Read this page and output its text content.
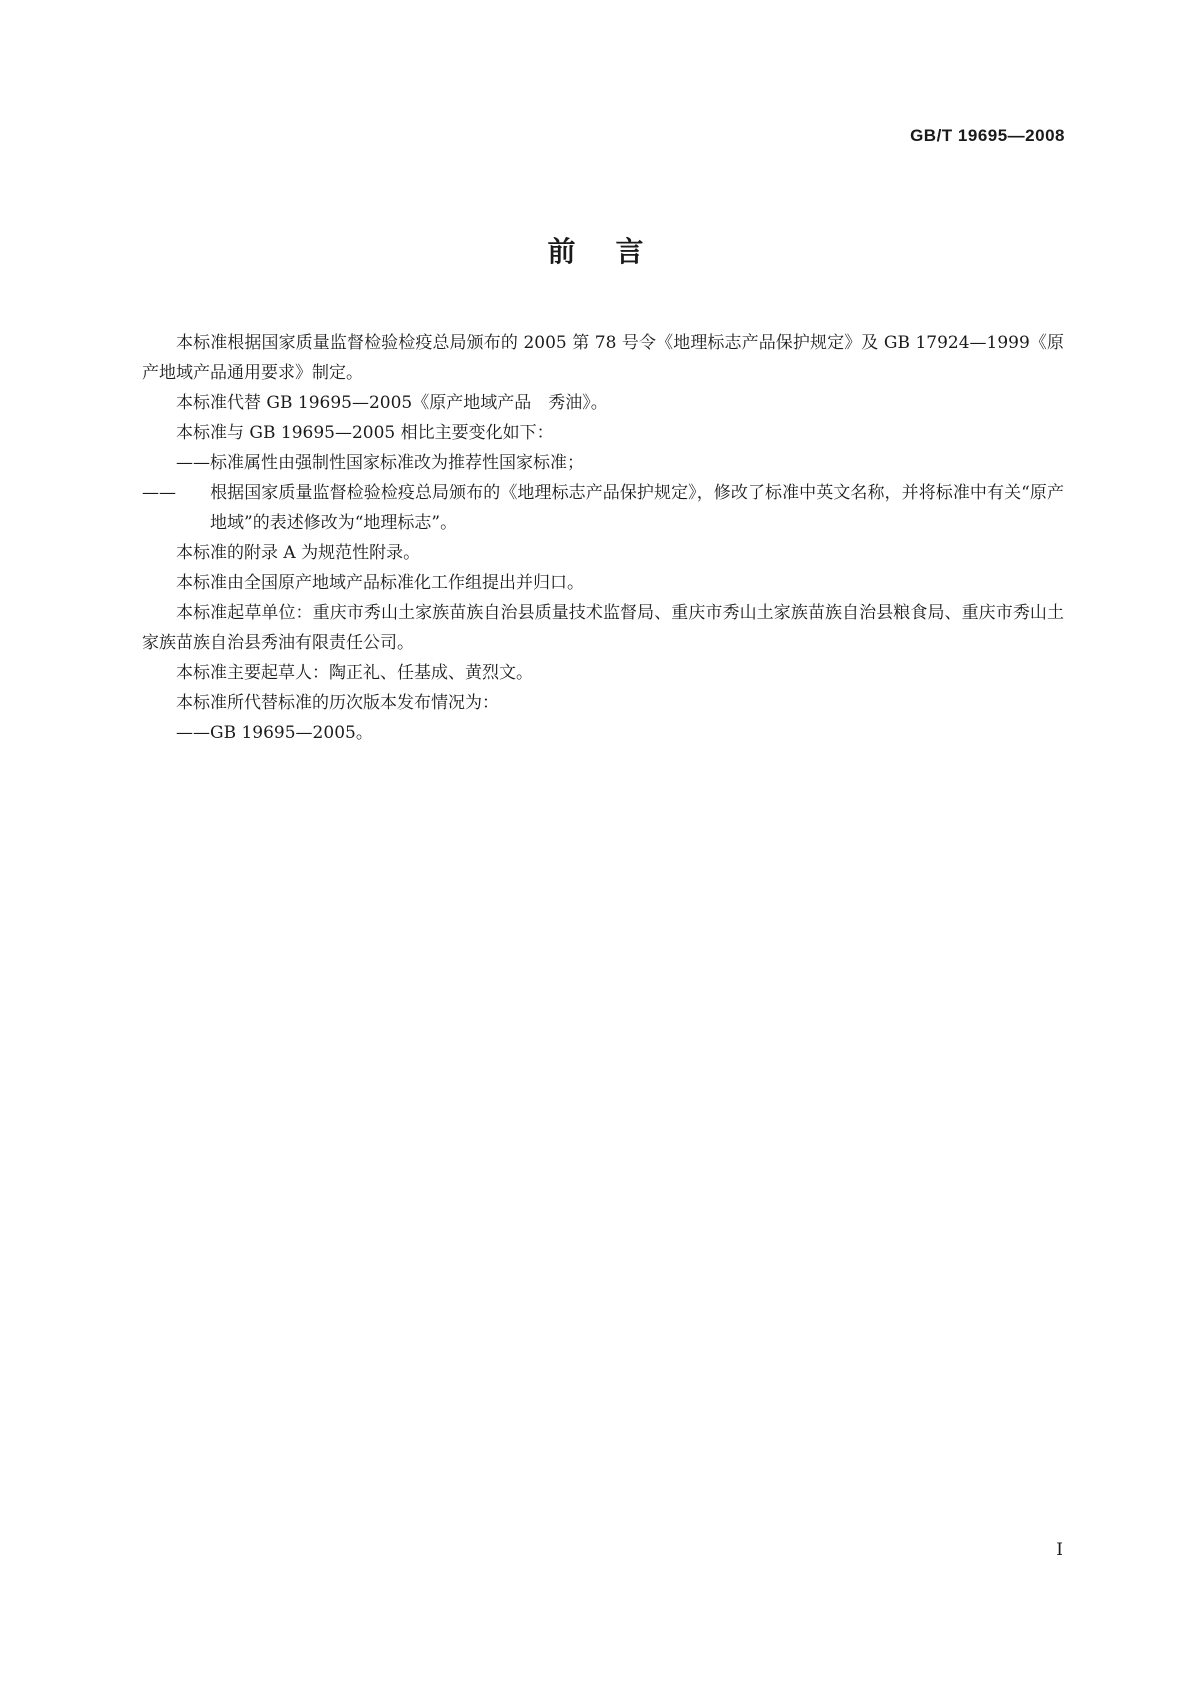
GB/T 19695—2008
前言

本标准根据国家质量监督检验检疫总局颁布的 2005 第 78 号令《地理标志产品保护规定》及 GB 17924—1999《原产地域产品通用要求》制定。

本标准代替 GB 19695—2005《原产地域产品　秀油》。

本标准与 GB 19695—2005 相比主要变化如下：

——标准属性由强制性国家标准改为推荐性国家标准；

—— 根据国家质量监督检验检疫总局颁布的《地理标志产品保护规定》，修改了标准中英文名称，并将标准中有关“原产地域”的表述修改为“地理标志”。

本标准的附录 A 为规范性附录。

本标准由全国原产地域产品标准化工作组提出并归口。

本标准起草单位：重庆市秀山土家族苗族自治县质量技术监督局、重庆市秀山土家族苗族自治县粮食局、重庆市秀山土家族苗族自治县秀油有限责任公司。

本标准主要起草人：陶正礼、任基成、黄烈文。

本标准所代替标准的历次版本发布情况为：

——GB 19695—2005。

I
